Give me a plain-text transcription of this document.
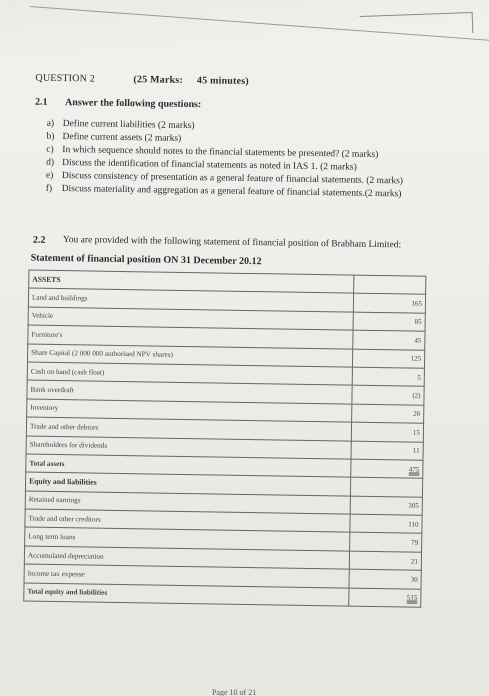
QUESTION 2	(25 Marks: 45 minutes)
2.1 Answer the following questions:
a) Define current liabilities (2 marks)
b) Define current assets (2 marks)
c) In which sequence should notes to the financial statements be presented? (2 marks)
d) Discuss the identification of financial statements as noted in IAS 1. (2 marks)
e) Discuss consistency of presentation as a general feature of financial statements. (2 marks)
f) Discuss materiality and aggregation as a general feature of financial statements.(2 marks)
2.2 You are provided with the following statement of financial position of Brabham Limited:
Statement of financial position ON 31 December 20.12
ASSETS	
Land and buildings	165
Vehicle	85
Furniture's	45
Share Capital (2 000 000 authorised NPV shares)	125
Cash on hand (cash float)	5
Bank overdraft	(2)
Inventory	26
Trade and other debtors	15
Shareholders for dividends	11
Total assets	475
Equity and liabilities	
Retained earnings	305
Trade and other creditors	110
Long term loans	79
Accumulated depreciation	21
Income tax expense	30
Total equity and liabilities	515
Page 10 of 21
